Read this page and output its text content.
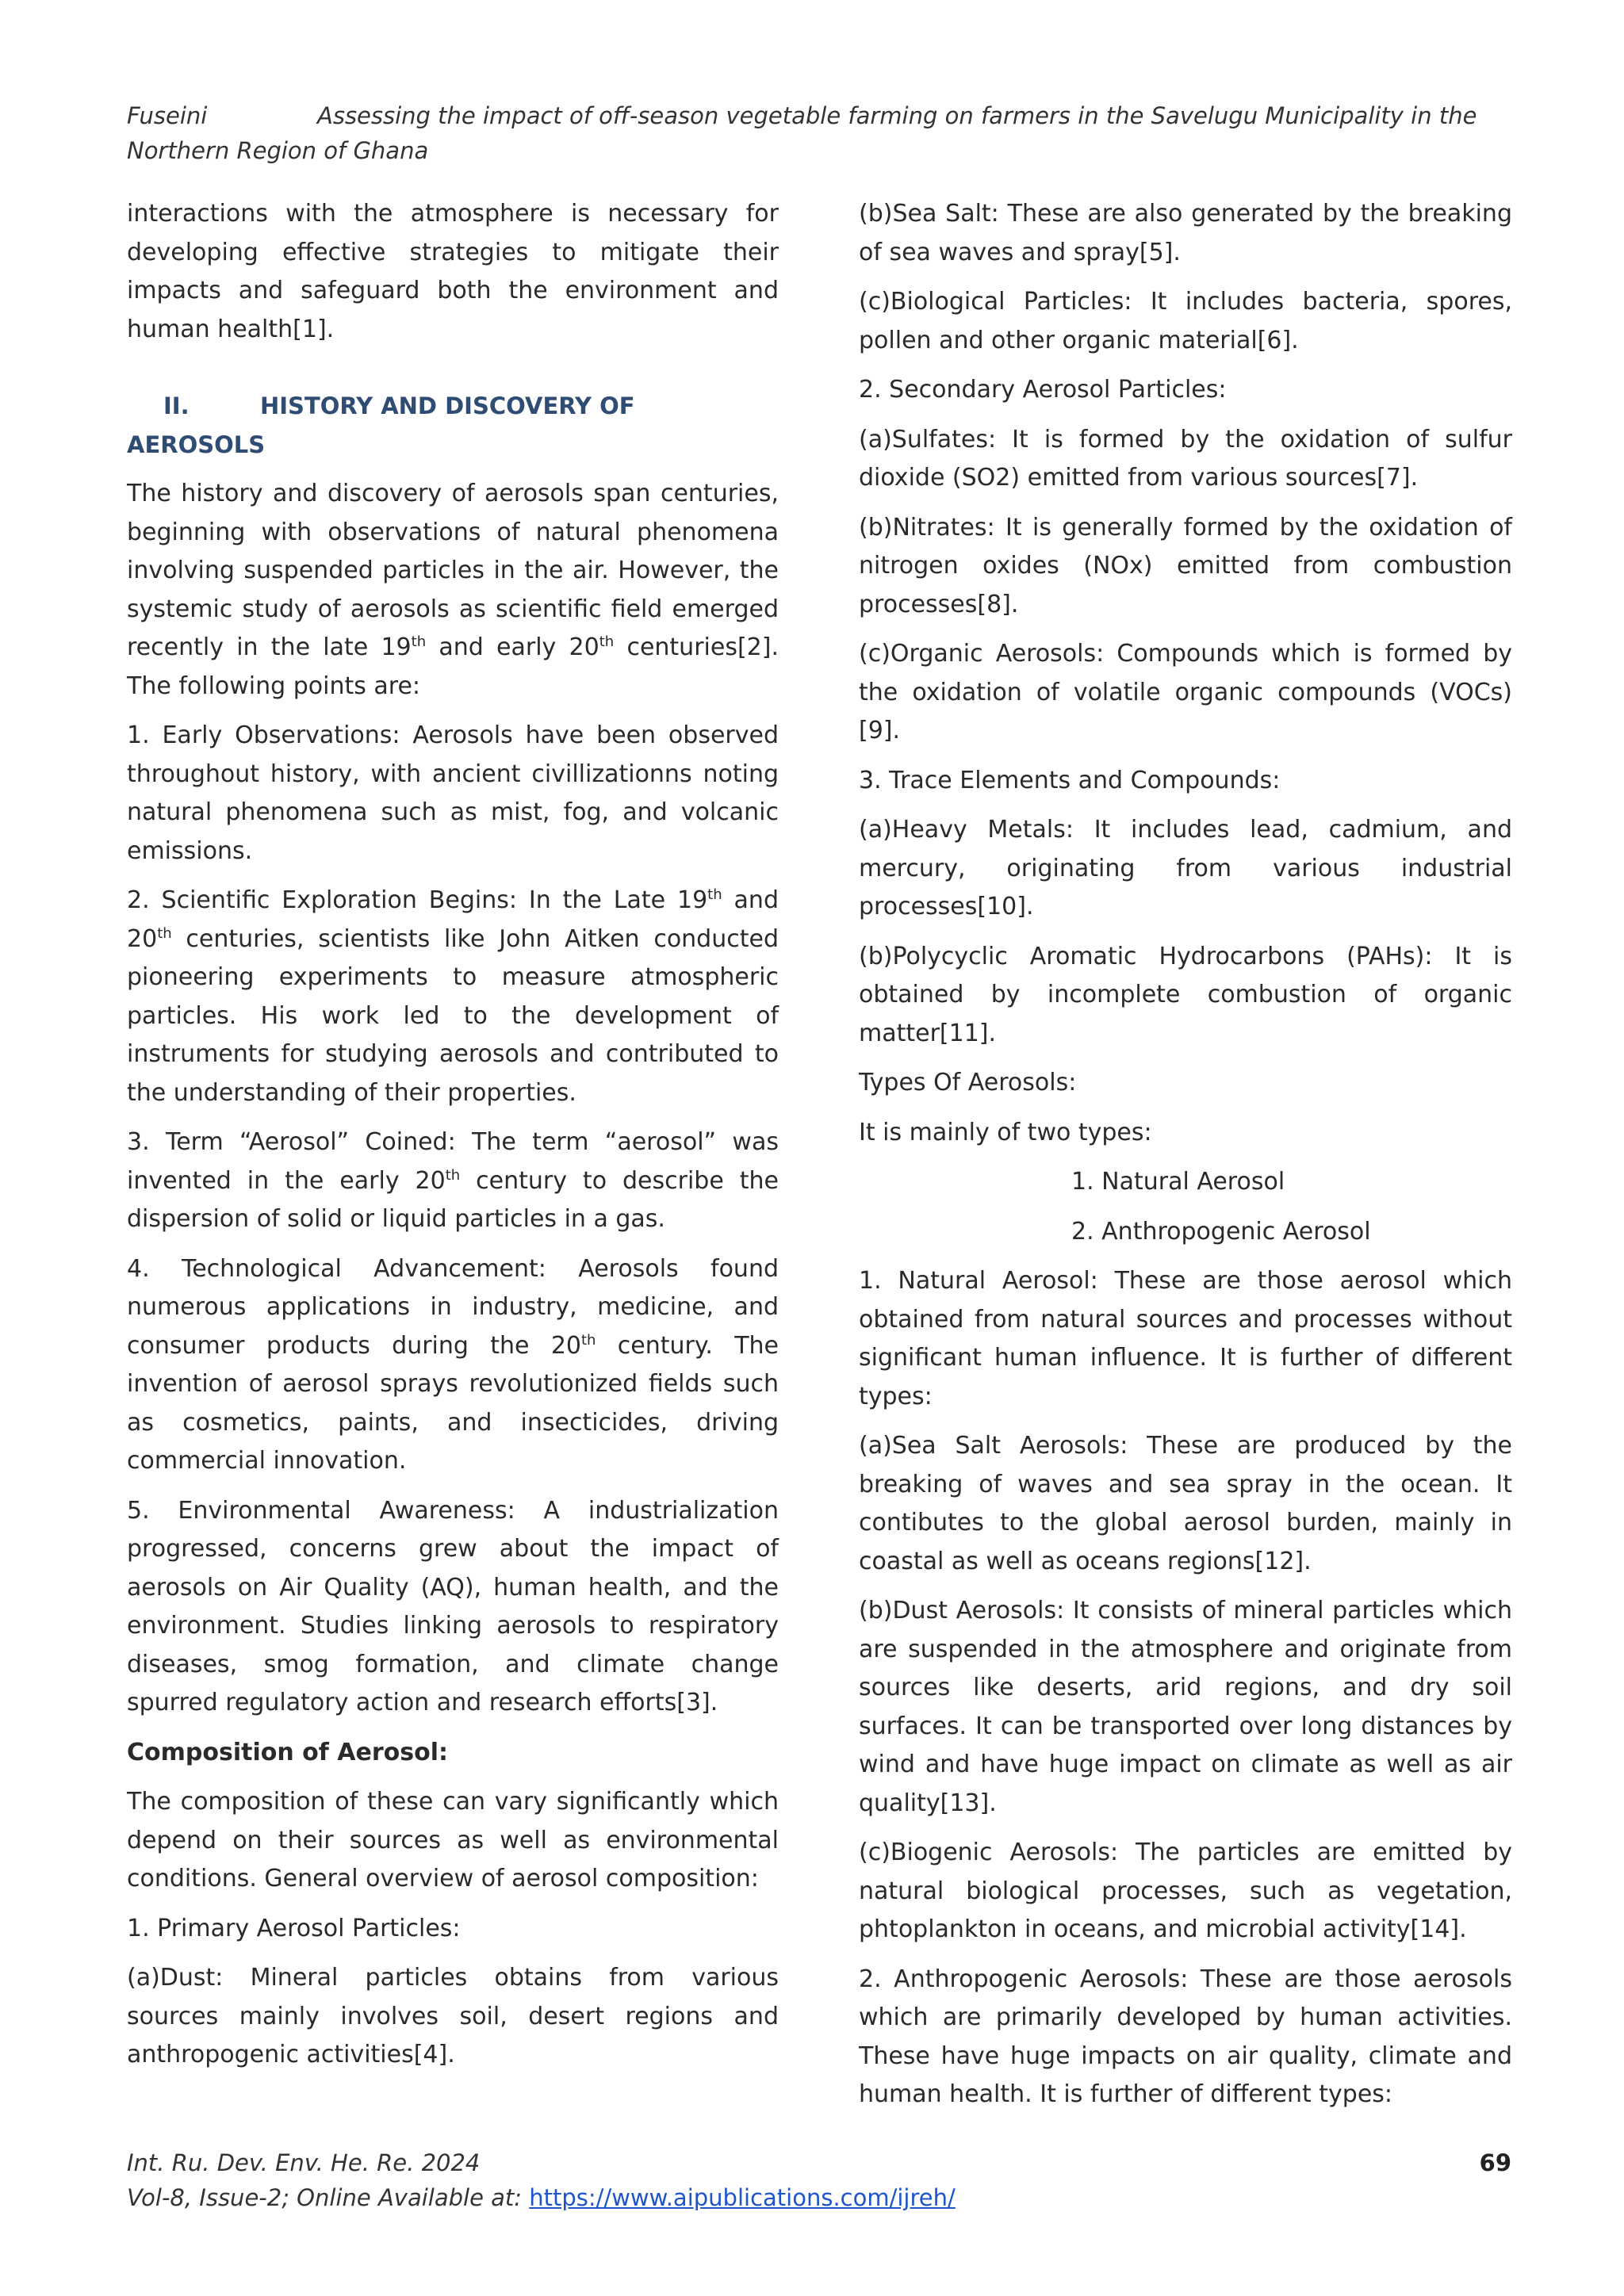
Fuseini	Assessing the impact of off-season vegetable farming on farmers in the Savelugu Municipality in the Northern Region of Ghana

interactions with the atmosphere is necessary for developing effective strategies to mitigate their impacts and safeguard both the environment and human health[1].

II.	HISTORY AND DISCOVERY OF AEROSOLS

The history and discovery of aerosols span centuries, beginning with observations of natural phenomena involving suspended particles in the air. However, the systemic study of aerosols as scientific field emerged recently in the late 19th and early 20th centuries[2]. The following points are:

1. Early Observations: Aerosols have been observed throughout history, with ancient civillizationns noting natural phenomena such as mist, fog, and volcanic emissions.

2. Scientific Exploration Begins: In the Late 19th and 20th centuries, scientists like John Aitken conducted pioneering experiments to measure atmospheric particles. His work led to the development of instruments for studying aerosols and contributed to the understanding of their properties.

3. Term “Aerosol” Coined: The term “aerosol” was invented in the early 20th century to describe the dispersion of solid or liquid particles in a gas.

4. Technological Advancement: Aerosols found numerous applications in industry, medicine, and consumer products during the 20th century. The invention of aerosol sprays revolutionized fields such as cosmetics, paints, and insecticides, driving commercial innovation.

5. Environmental Awareness: A industrialization progressed, concerns grew about the impact of aerosols on Air Quality (AQ), human health, and the environment. Studies linking aerosols to respiratory diseases, smog formation, and climate change spurred regulatory action and research efforts[3].

Composition of Aerosol:

The composition of these can vary significantly which depend on their sources as well as environmental conditions. General overview of aerosol composition:

1. Primary Aerosol Particles:

(a)Dust: Mineral particles obtains from various sources mainly involves soil, desert regions and anthropogenic activities[4].

(b)Sea Salt: These are also generated by the breaking of sea waves and spray[5].

(c)Biological Particles: It includes bacteria, spores, pollen and other organic material[6].

2. Secondary Aerosol Particles:

(a)Sulfates: It is formed by the oxidation of sulfur dioxide (SO2) emitted from various sources[7].

(b)Nitrates: It is generally formed by the oxidation of nitrogen oxides (NOx) emitted from combustion processes[8].

(c)Organic Aerosols: Compounds which is formed by the oxidation of volatile organic compounds (VOCs)[9].

3. Trace Elements and Compounds:

(a)Heavy Metals: It includes lead, cadmium, and mercury, originating from various industrial processes[10].

(b)Polycyclic Aromatic Hydrocarbons (PAHs): It is obtained by incomplete combustion of organic matter[11].

Types Of Aerosols:

It is mainly of two types:

1. Natural Aerosol

2. Anthropogenic Aerosol

1. Natural Aerosol: These are those aerosol which obtained from natural sources and processes without significant human influence. It is further of different types:

(a)Sea Salt Aerosols: These are produced by the breaking of waves and sea spray in the ocean. It contibutes to the global aerosol burden, mainly in coastal as well as oceans regions[12].

(b)Dust Aerosols: It consists of mineral particles which are suspended in the atmosphere and originate from sources like deserts, arid regions, and dry soil surfaces. It can be transported over long distances by wind and have huge impact on climate as well as air quality[13].

(c)Biogenic Aerosols: The particles are emitted by natural biological processes, such as vegetation, phtoplankton in oceans, and microbial activity[14].

2. Anthropogenic Aerosols: These are those aerosols which are primarily developed by human activities. These have huge impacts on air quality, climate and human health. It is further of different types:

Int. Ru. Dev. Env. He. Re. 2024
Vol-8, Issue-2; Online Available at: https://www.aipublications.com/ijreh/
69
